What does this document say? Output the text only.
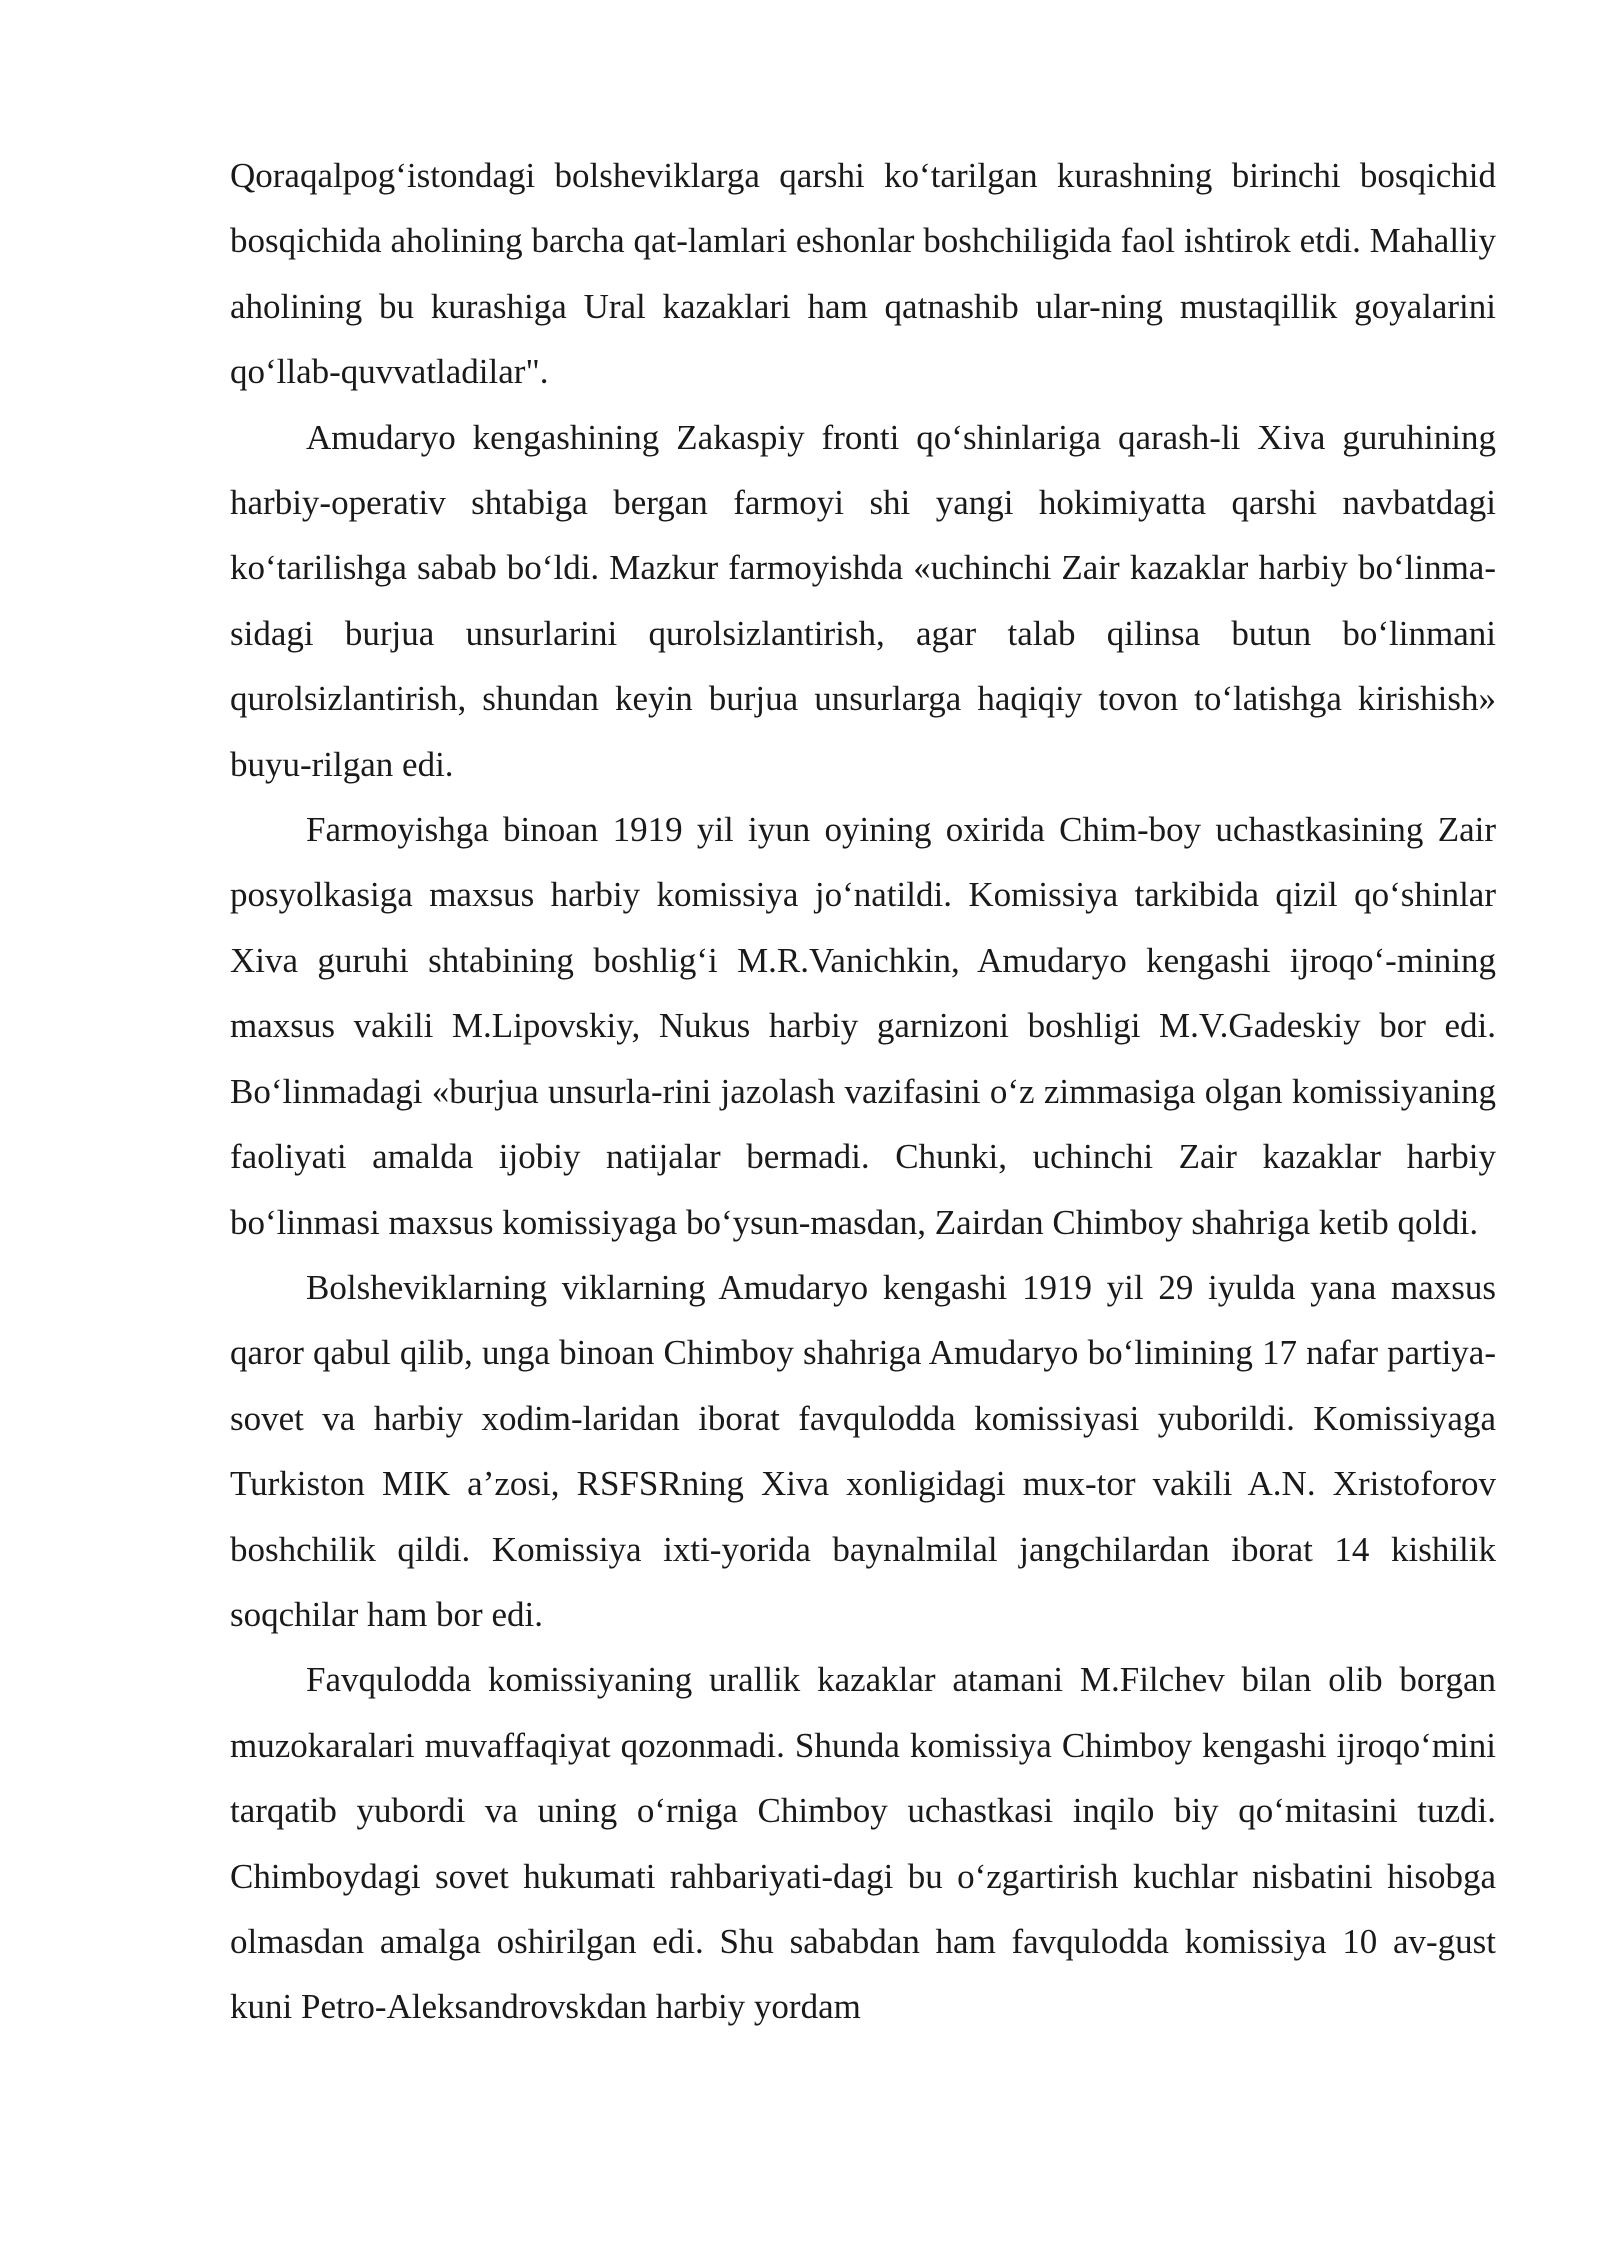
Qoraqalpogʻistondagi bolsheviklarga qarshi koʻtarilgan kurashning birinchi bosqichid bosqichida aholining barcha qat-lamlari eshonlar boshchiligida faol ishtirok etdi. Mahalliy aholining bu kurashiga Ural kazaklari ham qatnashib ular-ning mustaqillik goyalarini qoʻllab-quvvatladilar".

Amudaryo kengashining Zakaspiy fronti qoʻshinlariga qarash-li Xiva guruhining harbiy-operativ shtabiga bergan farmoyi shi yangi hokimiyatta qarshi navbatdagi koʻtarilishga sabab boʻldi. Mazkur farmoyishda «uchinchi Zair kazaklar harbiy boʻlinma-sidagi burjua unsurlarini qurolsizlantirish, agar talab qilinsa butun boʻlinmani qurolsizlantirish, shundan keyin burjua unsurlarga haqiqiy tovon toʻlatishga kirishish» buyu-rilgan edi.

Farmoyishga binoan 1919 yil iyun oyining oxirida Chim-boy uchastkasining Zair posyolkasiga maxsus harbiy komissiya joʻnatildi. Komissiya tarkibida qizil qoʻshinlar Xiva guruhi shtabining boshligʻi M.R.Vanichkin, Amudaryo kengashi ijroqoʻ-mining maxsus vakili M.Lipovskiy, Nukus harbiy garnizoni boshligi M.V.Gadeskiy bor edi. Boʻlinmadagi «burjua unsurla-rini jazolash vazifasini oʻz zimmasiga olgan komissiyaning faoliyati amalda ijobiy natijalar bermadi. Chunki, uchinchi Zair kazaklar harbiy boʻlinmasi maxsus komissiyaga boʻysun-masdan, Zairdan Chimboy shahriga ketib qoldi.

Bolsheviklarning viklarning Amudaryo kengashi 1919 yil 29 iyulda yana maxsus qaror qabul qilib, unga binoan Chimboy shahriga Amudaryo boʻlimining 17 nafar partiya-sovet va harbiy xodim-laridan iborat favqulodda komissiyasi yuborildi. Komissiyaga Turkiston MIK a’zosi, RSFSRning Xiva xonligidagi mux-tor vakili A.N. Xristoforov boshchilik qildi. Komissiya ixti-yorida baynalmilal jangchilardan iborat 14 kishilik soqchilar ham bor edi.

Favqulodda komissiyaning urallik kazaklar atamani M.Filchev bilan olib borgan muzokaralari muvaffaqiyat qozonmadi. Shunda komissiya Chimboy kengashi ijroqoʻmini tarqatib yubordi va uning oʻrniga Chimboy uchastkasi inqilo biy qoʻmitasini tuzdi. Chimboydagi sovet hukumati rahbariyati-dagi bu oʻzgartirish kuchlar nisbatini hisobga olmasdan amalga oshirilgan edi. Shu sababdan ham favqulodda komissiya 10 av-gust kuni Petro-Aleksandrovskdan harbiy yordam
